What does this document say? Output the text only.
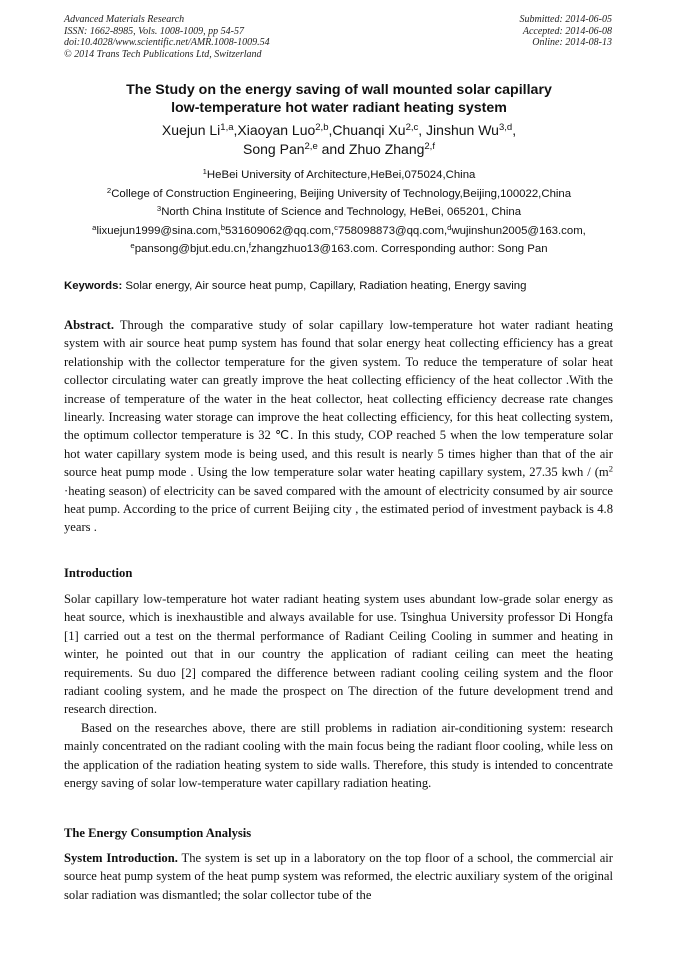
Advanced Materials Research
ISSN: 1662-8985, Vols. 1008-1009, pp 54-57
doi:10.4028/www.scientific.net/AMR.1008-1009.54
© 2014 Trans Tech Publications Ltd, Switzerland
Submitted: 2014-06-05
Accepted: 2014-06-08
Online: 2014-08-13
The Study on the energy saving of wall mounted solar capillary
low-temperature hot water radiant heating system
Xuejun Li$^{1,a}$,Xiaoyan Luo$^{2,b}$,Chuanqi Xu$^{2,c}$, Jinshun Wu$^{3,d}$,
Song Pan$^{2,e}$ and Zhuo Zhang$^{2,f}$
$^1$HeBei University of Architecture,HeBei,075024,China
$^2$College of Construction Engineering, Beijing University of Technology,Beijing,100022,China
$^3$North China Institute of Science and Technology, HeBei, 065201, China
$^a$lixuejun1999@sina.com,$^b$531609062@qq.com,$^c$758098873@qq.com,$^d$wujinshun2005@163.com,
$^e$pansong@bjut.edu.cn,$^f$zhangzhuo13@163.com. Corresponding author: Song Pan
Keywords: Solar energy, Air source heat pump, Capillary, Radiation heating, Energy saving

Abstract. Through the comparative study of solar capillary low-temperature hot water radiant heating system with air source heat pump system has found that solar energy heat collecting efficiency has a great relationship with the collector temperature for the given system. To reduce the temperature of solar heat collector circulating water can greatly improve the heat collecting efficiency of the heat collector .With the increase of temperature of the water in the heat collector, heat collecting efficiency decrease rate changes linearly. Increasing water storage can improve the heat collecting efficiency, for this heat collecting system, the optimum collector temperature is 32 ℃. In this study, COP reached 5 when the low temperature solar hot water capillary system mode is being used, and this result is nearly 5 times higher than that of the air source heat pump mode . Using the low temperature solar water heating capillary system, 27.35 kwh / ($m^2$ ·heating season) of electricity can be saved compared with the amount of electricity consumed by air source heat pump. According to the price of current Beijing city , the estimated period of investment payback is 4.8 years .

Introduction

Solar capillary low-temperature hot water radiant heating system uses abundant low-grade solar energy as heat source, which is inexhaustible and always available for use. Tsinghua University professor Di Hongfa [1] carried out a test on the thermal performance of Radiant Ceiling Cooling in summer and heating in winter, he pointed out that in our country the application of radiant ceiling can meet the heating requirements. Su duo [2] compared the difference between radiant cooling ceiling system and the floor radiant cooling system, and he made the prospect on The direction of the future development trend and research direction.

Based on the researches above, there are still problems in radiation air-conditioning system: research mainly concentrated on the radiant cooling with the main focus being the radiant floor cooling, while less on the application of the radiation heating system to side walls. Therefore, this study is intended to concentrate energy saving of solar low-temperature water capillary radiation heating.

The Energy Consumption Analysis

System Introduction. The system is set up in a laboratory on the top floor of a school, the commercial air source heat pump system of the heat pump system was reformed, the electric auxiliary system of the original solar radiation was dismantled; the solar collector tube of the
